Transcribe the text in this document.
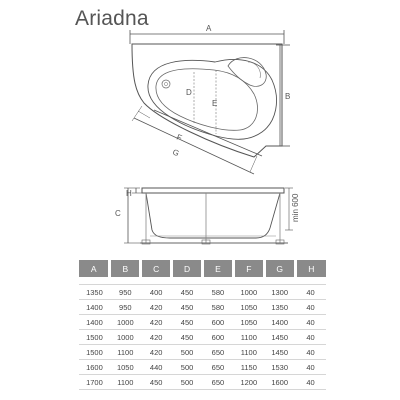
Ariadna	A
B
D
E
F
G
C
H
min 600
A	B	C	D	E	F	G	H

1350	950	400	450	580	1000	1300	40
1400	950	420	450	580	1050	1350	40
1400	1000	420	450	600	1050	1400	40
1500	1000	420	450	600	1100	1450	40
1500	1100	420	500	650	1100	1450	40
1600	1050	440	500	650	1150	1530	40
1700	1100	450	500	650	1200	1600	40
